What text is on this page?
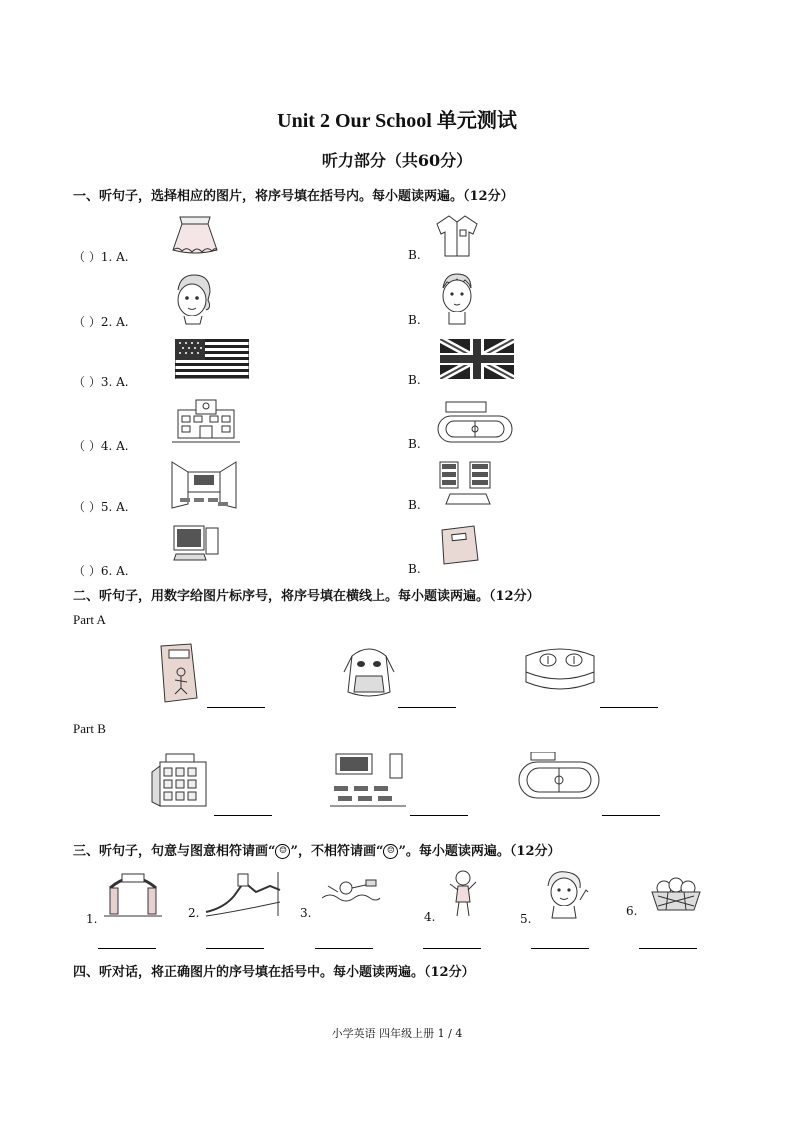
Unit 2 Our School 单元测试
听力部分（共60分）
一、听句子，选择相应的图片，将序号填在括号内。每小题读两遍。（12分）
（ ）1. A.	B.
（ ）2. A.	B.
（ ）3. A.	B.
（ ）4. A.	B.
（ ）5. A.	B.
（ ）6. A.	B.
二、听句子，用数字给图片标序号，将序号填在横线上。每小题读两遍。（12分）
Part A
Part B
三、听句子，句意与图意相符请画“ ☺ ”，不相符请画“ ☹ ”。每小题读两遍。（12分）
1.	2.	3.	4.	5.
6.
四、听对话，将正确图片的序号填在括号中。每小题读两遍。（12分）
小学英语 四年级上册 1 / 4
